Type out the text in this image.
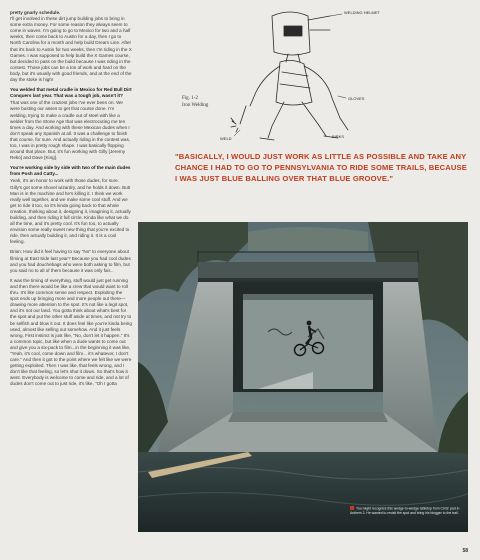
pretty gnarly schedule.

I'll get involved in these dirt jump building jobs to bring in some extra money. For some reason they always seem to come in waves. I'm going to go to Mexico for two and a half weeks, then come back to Austin for a day, then I go to North Carolina for a month and help build Dream Line. After that it's back to Austin for two weeks, then I'm riding in the X Games. I was supposed to help build the X Games course, but decided to pass on the build because I was riding in the contest. Those jobs can be a ton of work and hard on the body, but it's usually with good friends, and at the end of the day the stoke is high!

You welded that metal cradle in Mexico for Red Bull Dirt Conquers last year. That was a tough job, wasn't it?

That was one of the craziest jobs I've ever been on. We were busting our asses to get that course done. I'm welding, trying to make a cradle out of steel with like a welder from the Stone Age that was electrocuting me ten times a day. And working with these Mexican dudes when I don't speak any Spanish at all. It was a challenge to finish that course, for sure. And actually riding in the contest was, too, I was in pretty rough shape. I was basically flopping around that place. But, it's fun working with Gilly [Jeremy Reko] and Dave [King].

You're working side by side with two of the main dudes from Posh and Catty...

Yeah, it's an honor to work with those dudes, for sure. Gilly's got some shovel wizardry, and he holds it down. Butt Man is in the machine and he's killing it. I think we work really well together, and we make some cool stuff. And we get to ride it too, so it's kinda going back to that whole creation, thinking about it, designing it, imagining it, actually building, and then riding it full circle. Kinda like what we do all the time, and it's pretty cool. It's fun too, to actually envision some really sweet new thing that you're excited to ride, then actually building it, and riding it. It is a cool feeling.

Brian: How did it feel having to say "No" to everyone about filming at East Side last year? Because you had cool dudes and you had douchebags who were both asking to film, but you said no to all of them because it was only fair...

It was the timing of everything, stuff would just get running and then there would be like a crew that would want to roll thru. It's like common sense and respect. Exploiting the spot ends up bringing more and more people out there—drawing more attention to the spot. It's not like a legit spot, and it's not our land. You gotta think about what's best for the spot and put the other stuff aside at times, and not try to be selfish and blow it out. It does feel like you're kinda being used, almost like selling out somehow. And it just feels wrong. First instinct is just like, "No, don't let it happen." It's a common topic, but like when a dude wants to come out and give you a six-pack to film...in the beginning it was like, "Yeah, it's cool, come down and film... it's whatever, I don't care." And then it got to the point where we felt like we were getting exploited. Then I was like, that feels wrong, and I don't like that feeling, so let's shut it down. So that's how it went. Everybody is welcome to come and ride, and a lot of dudes don't come out to just ride, it's like, "Oh I gotta

WELDING HELMET
BIRKS
GLOVES
WELD
Fig. 1-2
Iron Welding
"BASICALLY, I WOULD JUST WORK AS LITTLE AS POSSIBLE AND TAKE ANY CHANCE I HAD TO GO TO PENNSYLVANIA TO RIDE SOME TRAILS, BECAUSE I WAS JUST BLUE BALLING OVER THAT BLUE GROOVE."
You might recognize this wedge-to-wedge tabletop from Chris' part in Anthem 2. He wanted to revisit the spot and bring his blogger to the trail.
58
